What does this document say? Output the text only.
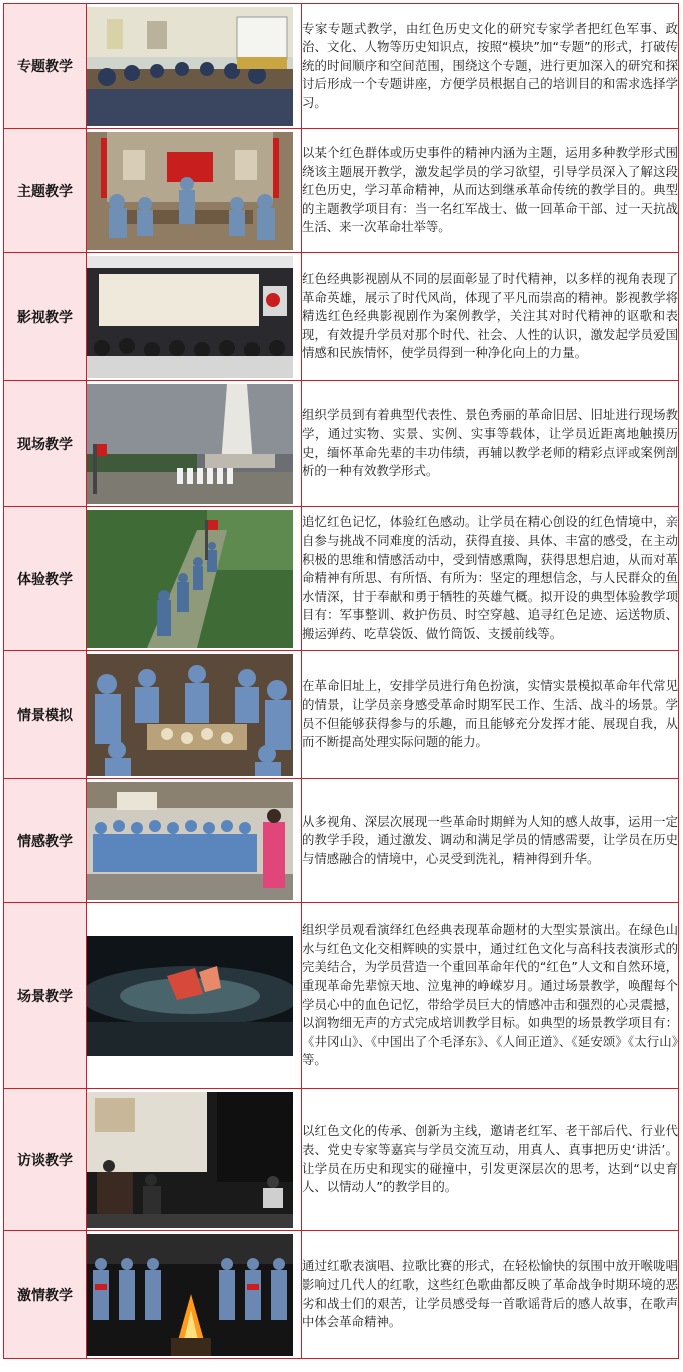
专题教学		专家专题式教学，由红色历史文化的研究专家学者把红色军事、政治、文化、人物等历史知识点，按照“模块”加“专题”的形式，打破传统的时间顺序和空间范围，围绕这个专题，进行更加深入的研究和探讨后形成一个专题讲座，方便学员根据自己的培训目的和需求选择学习。
主题教学		以某个红色群体或历史事件的精神内涵为主题，运用多种教学形式围绕该主题展开教学，激发起学员的学习欲望，引导学员深入了解这段红色历史，学习革命精神，从而达到继承革命传统的教学目的。典型的主题教学项目有：当一名红军战士、做一回革命干部、过一天抗战生活、来一次革命壮举等。
影视教学		红色经典影视剧从不同的层面彰显了时代精神，以多样的视角表现了革命英雄，展示了时代风尚，体现了平凡而崇高的精神。影视教学将精选红色经典影视剧作为案例教学，关注其对时代精神的讴歌和表现，有效提升学员对那个时代、社会、人性的认识，激发起学员爱国情感和民族情怀，使学员得到一种净化向上的力量。
现场教学		组织学员到有着典型代表性、景色秀丽的革命旧居、旧址进行现场教学，通过实物、实景、实例、实事等载体，让学员近距离地触摸历史，缅怀革命先辈的丰功伟绩，再辅以教学老师的精彩点评或案例剖析的一种有效教学形式。
体验教学		追忆红色记忆，体验红色感动。让学员在精心创设的红色情境中，亲自参与挑战不同难度的活动，获得直接、具体、丰富的感受，在主动积极的思维和情感活动中，受到情感熏陶，获得思想启迪，从而对革命精神有所思、有所悟、有所为：坚定的理想信念，与人民群众的鱼水情深，甘于奉献和勇于牺牲的英雄气概。拟开设的典型体验教学项目有：军事整训、救护伤员、时空穿越、追寻红色足迹、运送物质、搬运弹药、吃草袋饭、做竹筒饭、支援前线等。
情景模拟		在革命旧址上，安排学员进行角色扮演，实情实景模拟革命年代常见的情景，让学员亲身感受革命时期军民工作、生活、战斗的场景。学员不但能够获得参与的乐趣，而且能够充分发挥才能、展现自我，从而不断提高处理实际问题的能力。
情感教学		从多视角、深层次展现一些革命时期鲜为人知的感人故事，运用一定的教学手段，通过激发、调动和满足学员的情感需要，让学员在历史与情感融合的情境中，心灵受到洗礼，精神得到升华。
场景教学		组织学员观看演绎红色经典表现革命题材的大型实景演出。在绿色山水与红色文化交相辉映的实景中，通过红色文化与高科技表演形式的完美结合，为学员营造一个重回革命年代的“红色”人文和自然环境，重现革命先辈惊天地、泣鬼神的峥嵘岁月。通过场景教学，唤醒每个学员心中的血色记忆，带给学员巨大的情感冲击和强烈的心灵震撼，以润物细无声的方式完成培训教学目标。如典型的场景教学项目有：《井冈山》、《中国出了个毛泽东》、《人间正道》、《延安颂》《太行山》等。
访谈教学		以红色文化的传承、创新为主线，邀请老红军、老干部后代、行业代表、党史专家等嘉宾与学员交流互动，用真人、真事把历史‘讲活’。让学员在历史和现实的碰撞中，引发更深层次的思考，达到“以史育人、以情动人”的教学目的。
激情教学		通过红歌表演唱、拉歌比赛的形式，在轻松愉快的氛围中放开喉咙唱影响过几代人的红歌，这些红色歌曲都反映了革命战争时期环境的恶劣和战士们的艰苦，让学员感受每一首歌谣背后的感人故事，在歌声中体会革命精神。
